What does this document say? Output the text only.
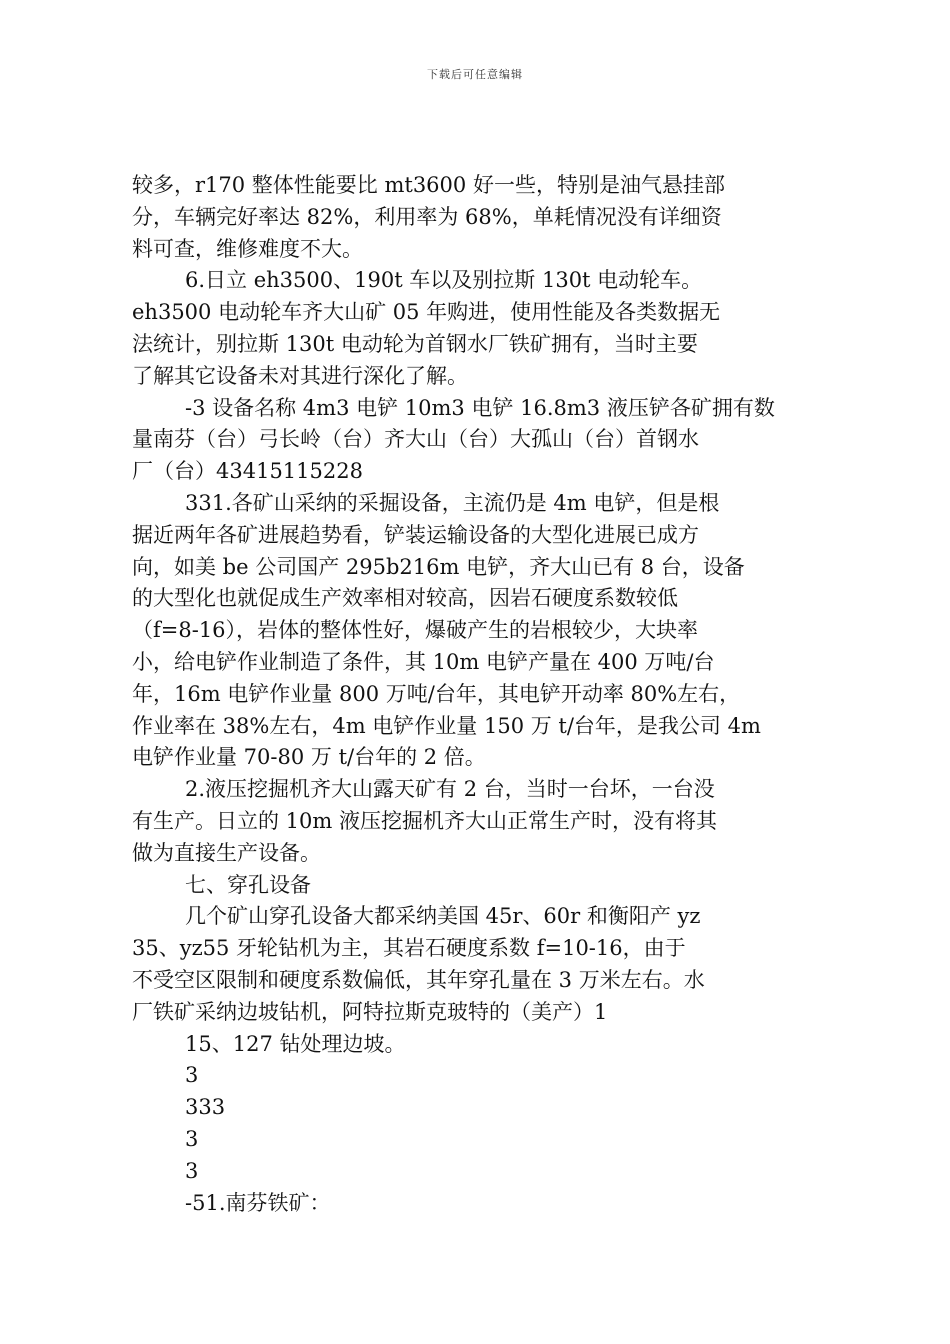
下载后可任意编辑
较多，r170 整体性能要比 mt3600 好一些，特别是油气悬挂部
分，车辆完好率达 82%，利用率为 68%，单耗情况没有详细资
料可查，维修难度不大。
6.日立 eh3500、190t 车以及别拉斯 130t 电动轮车。
eh3500 电动轮车齐大山矿 05 年购进，使用性能及各类数据无
法统计，别拉斯 130t 电动轮为首钢水厂铁矿拥有，当时主要
了解其它设备未对其进行深化了解。
-3 设备名称 4m3 电铲 10m3 电铲 16.8m3 液压铲各矿拥有数
量南芬（台）弓长岭（台）齐大山（台）大孤山（台）首钢水
厂（台）43415115228
331.各矿山采纳的采掘设备，主流仍是 4m 电铲，但是根
据近两年各矿进展趋势看，铲装运输设备的大型化进展已成方
向，如美 be 公司国产 295b216m 电铲，齐大山已有 8 台，设备
的大型化也就促成生产效率相对较高，因岩石硬度系数较低
（f=8-16），岩体的整体性好，爆破产生的岩根较少，大块率
小，给电铲作业制造了条件，其 10m 电铲产量在 400 万吨/台
年，16m 电铲作业量 800 万吨/台年，其电铲开动率 80%左右，
作业率在 38%左右，4m 电铲作业量 150 万 t/台年，是我公司 4m
电铲作业量 70-80 万 t/台年的 2 倍。
2.液压挖掘机齐大山露天矿有 2 台，当时一台坏，一台没
有生产。日立的 10m 液压挖掘机齐大山正常生产时，没有将其
做为直接生产设备。
七、穿孔设备
几个矿山穿孔设备大都采纳美国 45r、60r 和衡阳产 yz
35、yz55 牙轮钻机为主，其岩石硬度系数 f=10-16，由于
不受空区限制和硬度系数偏低，其年穿孔量在 3 万米左右。水
厂铁矿采纳边坡钻机，阿特拉斯克玻特的（美产）1
15、127 钻处理边坡。
3
333
3
3
-51.南芬铁矿：
